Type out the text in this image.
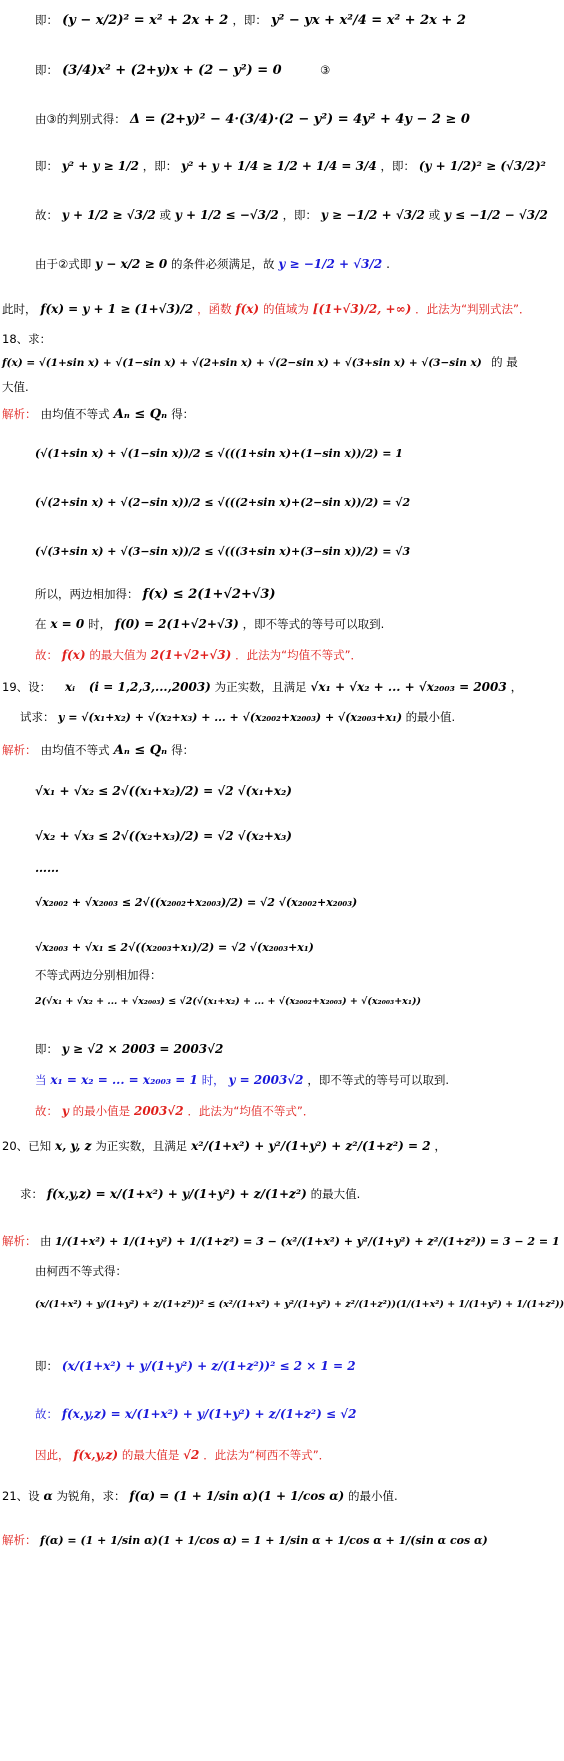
即： (y − x/2)² = x² + 2x + 2 ，即： y² − yx + x²/4 = x² + 2x + 2
即： (3/4)x² + (2+y)x + (2 − y²) = 0	③
由③的判别式得： Δ = (2+y)² − 4·(3/4)·(2 − y²) = 4y² + 4y − 2 ≥ 0
即： y² + y ≥ 1/2 ，即： y² + y + 1/4 ≥ 1/2 + 1/4 = 3/4 ，即： (y + 1/2)² ≥ (√3/2)²
故： y + 1/2 ≥ √3/2 或 y + 1/2 ≤ −√3/2 ，即： y ≥ −1/2 + √3/2 或 y ≤ −1/2 − √3/2
由于②式即 y − x/2 ≥ 0 的条件必须满足，故 y ≥ −1/2 + √3/2 .
此时， f(x) = y + 1 ≥ (1+√3)/2 ，函数 f(x) 的值域为 [(1+√3)/2, +∞) ．此法为“判别式法”．
18、求：
f(x) = √(1+sin x) + √(1−sin x) + √(2+sin x) + √(2−sin x) + √(3+sin x) + √(3−sin x) 的 最
大值.
解析： 由均值不等式 Aₙ ≤ Qₙ 得：
(√(1+sin x) + √(1−sin x))/2 ≤ √(((1+sin x)+(1−sin x))/2) = 1
(√(2+sin x) + √(2−sin x))/2 ≤ √(((2+sin x)+(2−sin x))/2) = √2
(√(3+sin x) + √(3−sin x))/2 ≤ √(((3+sin x)+(3−sin x))/2) = √3
所以，两边相加得： f(x) ≤ 2(1+√2+√3)
在 x = 0 时， f(0) = 2(1+√2+√3) ，即不等式的等号可以取到.
故： f(x) 的最大值为 2(1+√2+√3) ．此法为“均值不等式”．
19、设： xᵢ (i = 1,2,3,...,2003) 为正实数，且满足 √x₁ + √x₂ + ... + √x₂₀₀₃ = 2003 ，
试求： y = √(x₁+x₂) + √(x₂+x₃) + ... + √(x₂₀₀₂+x₂₀₀₃) + √(x₂₀₀₃+x₁) 的最小值.
解析： 由均值不等式 Aₙ ≤ Qₙ 得：
√x₁ + √x₂ ≤ 2√((x₁+x₂)/2) = √2 √(x₁+x₂)
√x₂ + √x₃ ≤ 2√((x₂+x₃)/2) = √2 √(x₂+x₃)
……
√x₂₀₀₂ + √x₂₀₀₃ ≤ 2√((x₂₀₀₂+x₂₀₀₃)/2) = √2 √(x₂₀₀₂+x₂₀₀₃)
√x₂₀₀₃ + √x₁ ≤ 2√((x₂₀₀₃+x₁)/2) = √2 √(x₂₀₀₃+x₁)
不等式两边分别相加得：
2(√x₁ + √x₂ + ... + √x₂₀₀₃) ≤ √2(√(x₁+x₂) + ... + √(x₂₀₀₂+x₂₀₀₃) + √(x₂₀₀₃+x₁))
即： y ≥ √2 × 2003 = 2003√2
当 x₁ = x₂ = ... = x₂₀₀₃ = 1 时， y = 2003√2 ，即不等式的等号可以取到.
故： y 的最小值是 2003√2 ．此法为“均值不等式”．
20、已知 x, y, z 为正实数，且满足 x²/(1+x²) + y²/(1+y²) + z²/(1+z²) = 2 ，
求： f(x,y,z) = x/(1+x²) + y/(1+y²) + z/(1+z²) 的最大值.
解析： 由 1/(1+x²) + 1/(1+y²) + 1/(1+z²) = 3 − (x²/(1+x²) + y²/(1+y²) + z²/(1+z²)) = 3 − 2 = 1
由柯西不等式得：
(x/(1+x²) + y/(1+y²) + z/(1+z²))² ≤ (x²/(1+x²) + y²/(1+y²) + z²/(1+z²))(1/(1+x²) + 1/(1+y²) + 1/(1+z²))
即： (x/(1+x²) + y/(1+y²) + z/(1+z²))² ≤ 2 × 1 = 2
故： f(x,y,z) = x/(1+x²) + y/(1+y²) + z/(1+z²) ≤ √2
因此， f(x,y,z) 的最大值是 √2 ．此法为“柯西不等式”．
21、设 α 为锐角，求： f(α) = (1 + 1/sin α)(1 + 1/cos α) 的最小值.
解析： f(α) = (1 + 1/sin α)(1 + 1/cos α) = 1 + 1/sin α + 1/cos α + 1/(sin α cos α)
